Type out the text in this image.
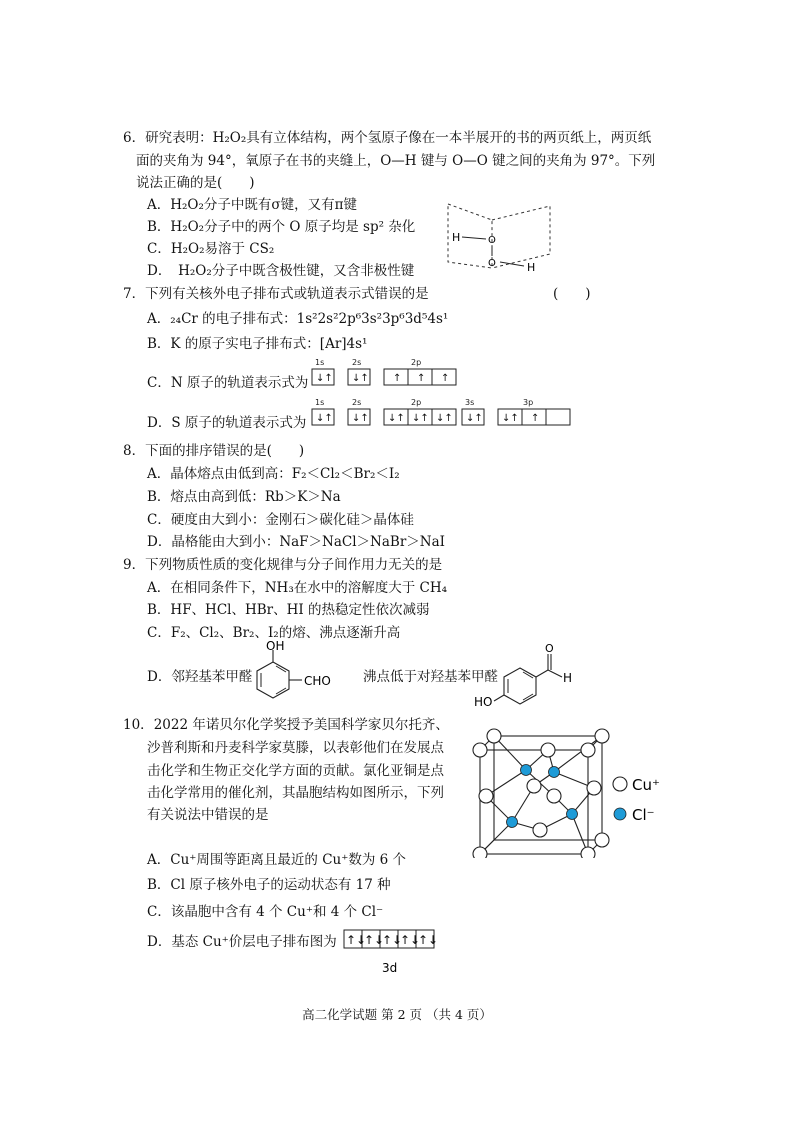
6．研究表明：H₂O₂具有立体结构，两个氢原子像在一本半展开的书的两页纸上，两页纸
面的夹角为 94°，氧原子在书的夹缝上，O—H 键与 O—O 键之间的夹角为 97°。下列
说法正确的是(　　)
A．H₂O₂分子中既有σ键，又有π键
B．H₂O₂分子中的两个 O 原子均是 sp² 杂化
C．H₂O₂易溶于 CS₂
D．　H₂O₂分子中既含极性键，又含非极性键
H	O
O	H
7．下列有关核外电子排布式或轨道表示式错误的是	(　　)
A．₂₄Cr 的电子排布式：1s²2s²2p⁶3s²3p⁶3d⁵4s¹
B．K 的原子实电子排布式：[Ar]4s¹
C．N 原子的轨道表示式为
D．S 原子的轨道表示式为
1s	2s	2p
↓↑ ↓↑ ↑ ↑ ↑
1s	2s	2p	3s	3p
↓↑ ↓↑ ↓↑ ↓↑ ↓↑ ↓↑ ↓↑ ↑
8．下面的排序错误的是(　　)
A．晶体熔点由低到高：F₂＜Cl₂＜Br₂＜I₂
B．熔点由高到低：Rb＞K＞Na
C．硬度由大到小：金刚石＞碳化硅＞晶体硅
D．晶格能由大到小：NaF＞NaCl＞NaBr＞NaI
9．下列物质性质的变化规律与分子间作用力无关的是
A．在相同条件下，NH₃在水中的溶解度大于 CH₄
B．HF、HCl、HBr、HI 的热稳定性依次减弱
C．F₂、Cl₂、Br₂、I₂的熔、沸点逐渐升高
D．邻羟基苯甲醛	沸点低于对羟基苯甲醛
OH
CHO
O
H
HO
10．2022 年诺贝尔化学奖授予美国科学家贝尔托齐、
沙普利斯和丹麦科学家莫滕，以表彰他们在发展点
击化学和生物正交化学方面的贡献。氯化亚铜是点
击化学常用的催化剂，其晶胞结构如图所示，下列
有关说法中错误的是
A．Cu⁺周围等距离且最近的 Cu⁺数为 6 个
B．Cl 原子核外电子的运动状态有 17 种
C．该晶胞中含有 4 个 Cu⁺和 4 个 Cl⁻
D．基态 Cu⁺价层电子排布图为 ↑↓
↑↓
↑↓
↑↓
↑↓
3d
Cu⁺
Cl⁻
高二化学试题 第 2 页 （共 4 页）
